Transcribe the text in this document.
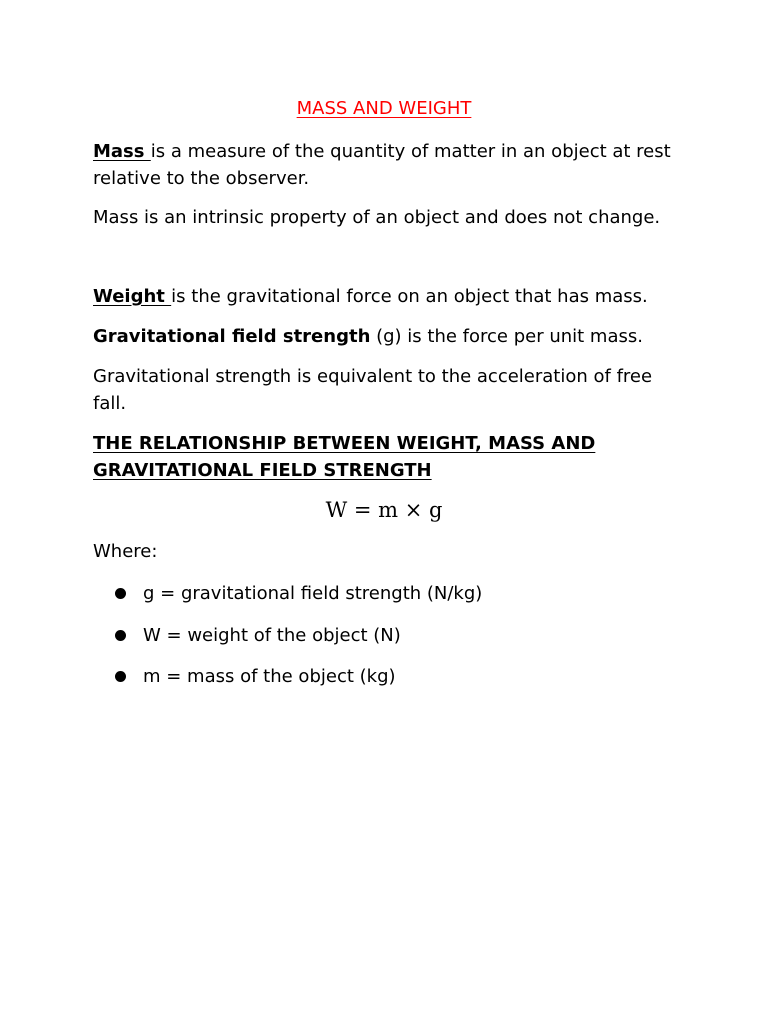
MASS AND WEIGHT
Mass is a measure of the quantity of matter in an object at rest relative to the observer.
Mass is an intrinsic property of an object and does not change.
Weight is the gravitational force on an object that has mass.
Gravitational field strength (g) is the force per unit mass.
Gravitational strength is equivalent to the acceleration of free fall.
THE RELATIONSHIP BETWEEN WEIGHT, MASS AND
GRAVITATIONAL FIELD STRENGTH
W = m × g
Where:
g = gravitational field strength (N/kg)
W = weight of the object (N)
m = mass of the object (kg)
